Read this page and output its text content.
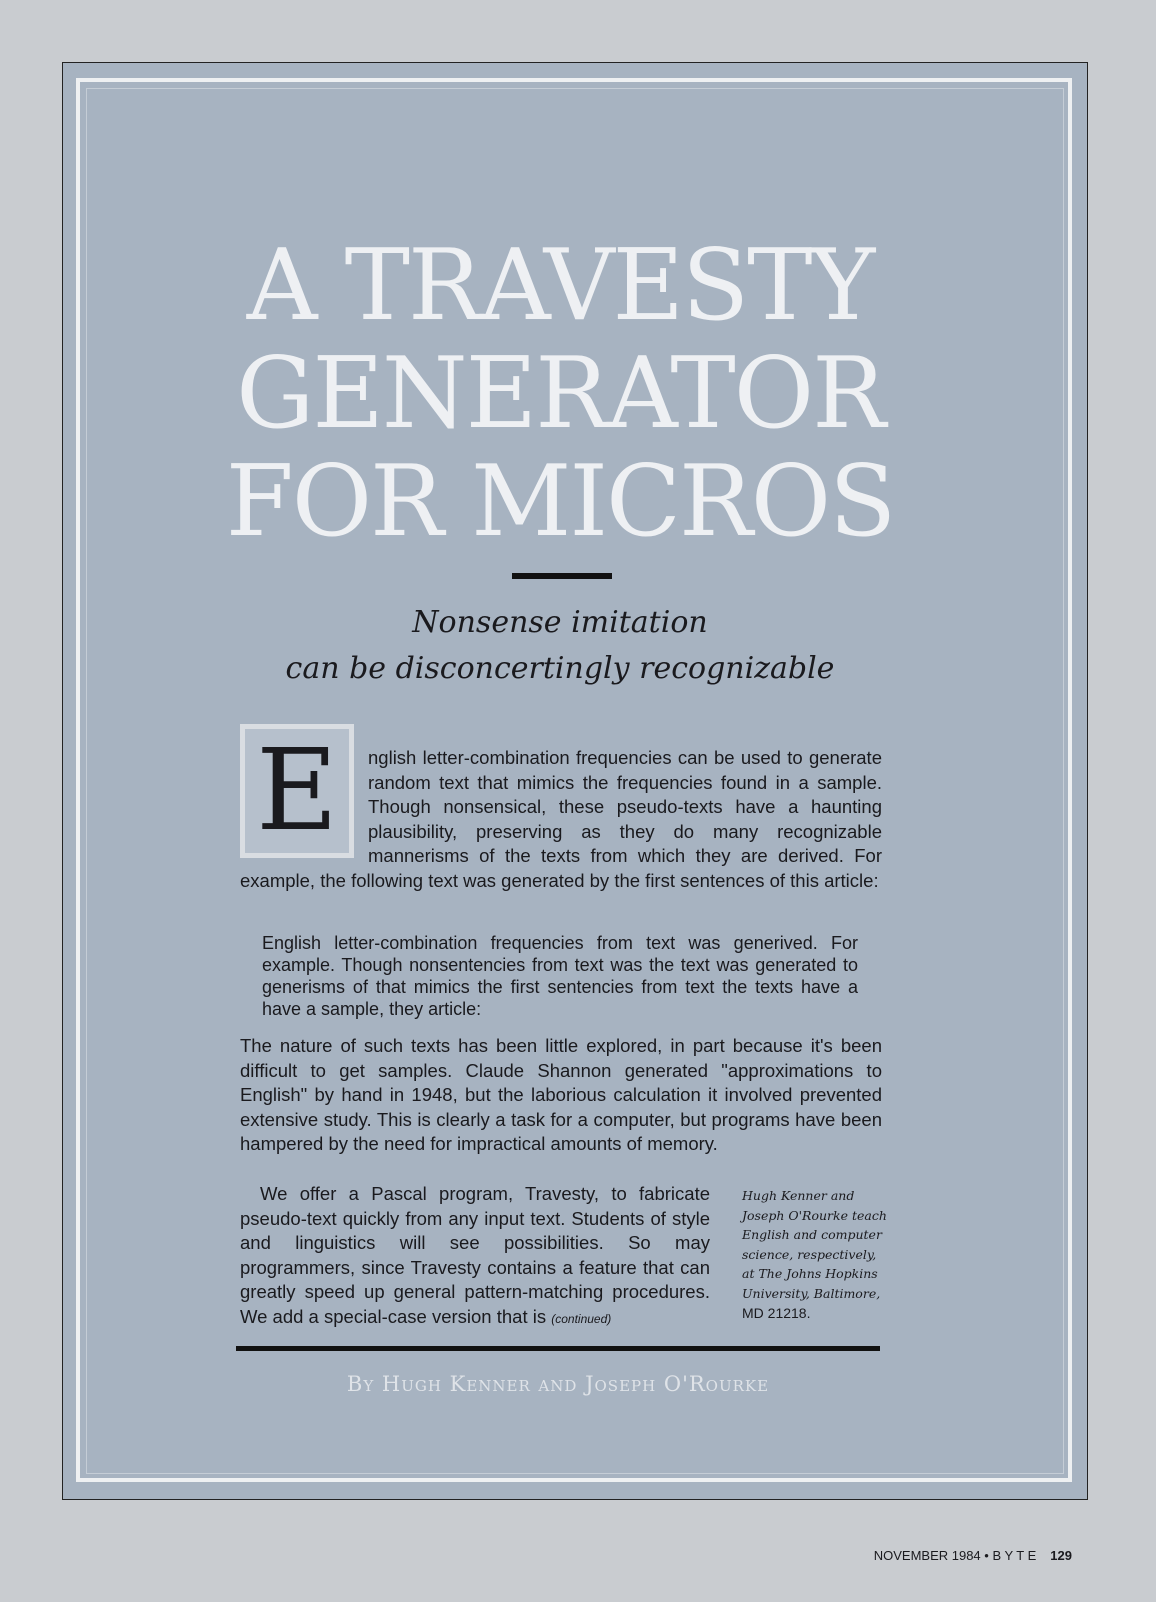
A TRAVESTY
GENERATOR
FOR MICROS
Nonsense imitation
can be disconcertingly recognizable
E	nglish letter-combination frequencies can be used to generate random text that mimics the frequencies found in a sample. Though nonsensical, these pseudo-texts have a haunting plausibility, preserving as they do many recognizable mannerisms of the texts from which they are derived. For example, the following text was generated by the first sentences of this article:
English letter-combination frequencies from text was generived. For example. Though nonsentencies from text was the text was generated to generisms of that mimics the first sentencies from text the texts have a have a sample, they article:
The nature of such texts has been little explored, in part because it's been difficult to get samples. Claude Shannon generated "approximations to English" by hand in 1948, but the laborious calculation it involved prevented extensive study. This is clearly a task for a computer, but programs have been hampered by the need for impractical amounts of memory.
We offer a Pascal program, Travesty, to fabricate pseudo-text quickly from any input text. Students of style and linguistics will see possibilities. So may programmers, since Travesty contains a feature that can greatly speed up general pattern-matching procedures. We add a special-case version that is (continued)
Hugh Kenner and Joseph O'Rourke teach English and computer science, respectively, at The Johns Hopkins University, Baltimore,
MD 21218.
By Hugh Kenner and Joseph O'Rourke
NOVEMBER 1984 • B Y T E 129
